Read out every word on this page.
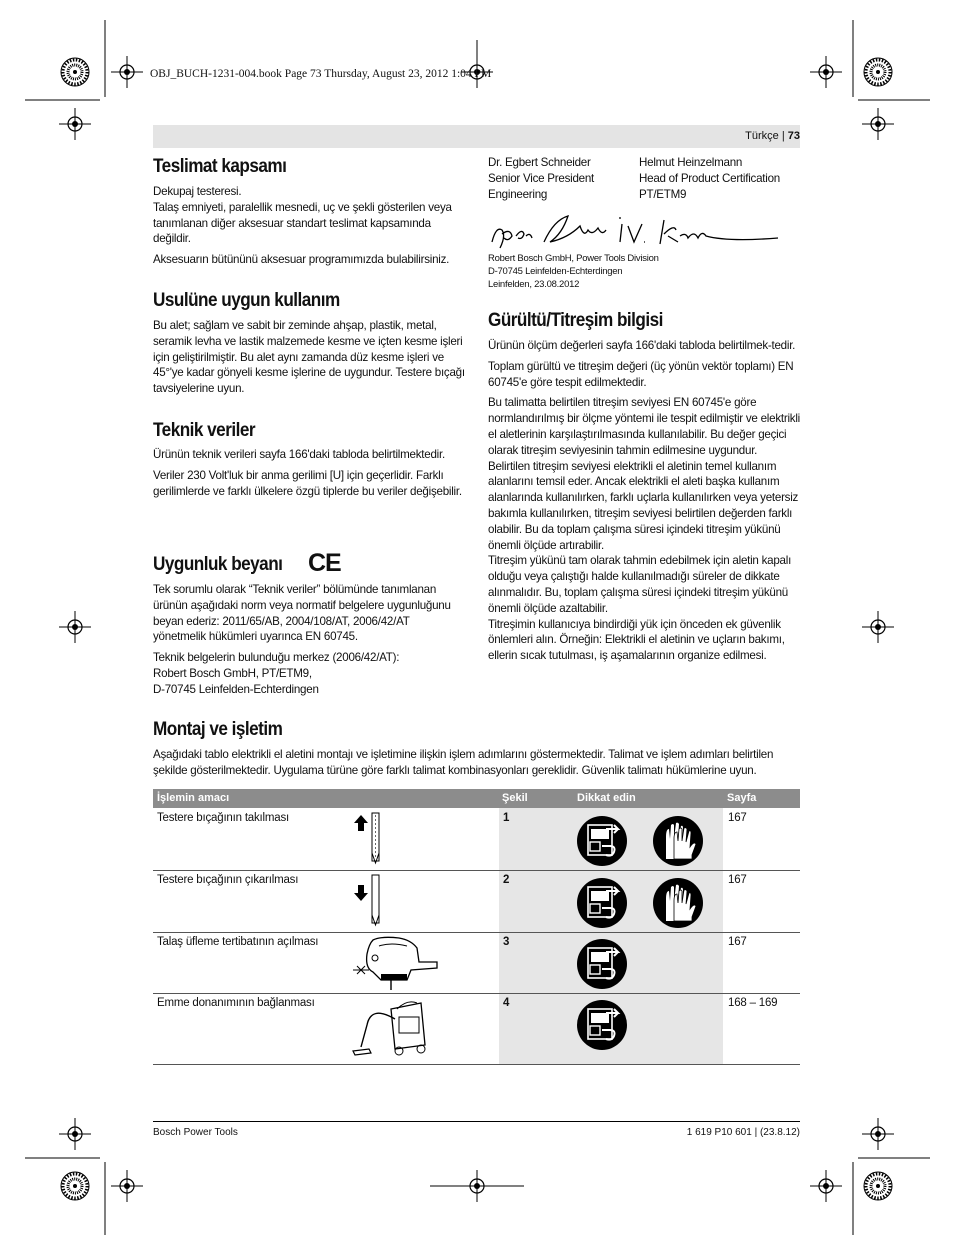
OBJ_BUCH-1231-004.book Page 73 Thursday, August 23, 2012 1:04 PM
Türkçe | 73
Teslimat kapsamı

Dekupaj testeresi.
Talaş emniyeti, paralellik mesnedi, uç ve şekli gösterilen veya tanımlanan diğer aksesuar standart teslimat kapsamında değildir.

Aksesuarın bütününü aksesuar programımızda bulabilirsiniz.

Usulüne uygun kullanım

Bu alet; sağlam ve sabit bir zeminde ahşap, plastik, metal, seramik levha ve lastik malzemede kesme ve içten kesme işleri için geliştirilmiştir. Bu alet aynı zamanda düz kesme işleri ve 45°'ye kadar gönyeli kesme işlerine de uygundur. Testere bıçağı tavsiyelerine uyun.

Teknik veriler

Ürünün teknik verileri sayfa 166'daki tabloda belirtilmektedir.

Veriler 230 Volt'luk bir anma gerilimi [U] için geçerlidir. Farklı gerilimlerde ve farklı ülkelere özgü tiplerde bu veriler değişebilir.

Uygunluk beyanı CE

Tek sorumlu olarak “Teknik veriler” bölümünde tanımlanan ürünün aşağıdaki norm veya normatif belgelere uygunluğunu beyan ederiz: 2011/65/AB, 2004/108/AT, 2006/42/AT yönetmelik hükümleri uyarınca EN 60745.

Teknik belgelerin bulunduğu merkez (2006/42/AT):
Robert Bosch GmbH, PT/ETM9,
D-70745 Leinfelden-Echterdingen

Dr. Egbert Schneider
Senior Vice President
Engineering
Helmut Heinzelmann
Head of Product Certification
PT/ETM9
Robert Bosch GmbH, Power Tools Division
D-70745 Leinfelden-Echterdingen
Leinfelden, 23.08.2012
Gürültü/Titreşim bilgisi

Ürünün ölçüm değerleri sayfa 166'daki tabloda belirtilmek-tedir.

Toplam gürültü ve titreşim değeri (üç yönün vektör toplamı) EN 60745'e göre tespit edilmektedir.

Bu talimatta belirtilen titreşim seviyesi EN 60745'e göre normlandırılmış bir ölçme yöntemi ile tespit edilmiştir ve elektrikli el aletlerinin karşılaştırılmasında kullanılabilir. Bu değer geçici olarak titreşim seviyesinin tahmin edilmesine uygundur.
Belirtilen titreşim seviyesi elektrikli el aletinin temel kullanım alanlarını temsil eder. Ancak elektrikli el aleti başka kullanım alanlarında kullanılırken, farklı uçlarla kullanılırken veya yetersiz bakımla kullanılırken, titreşim seviyesi belirtilen değerden farklı olabilir. Bu da toplam çalışma süresi içindeki titreşim yükünü önemli ölçüde artırabilir.
Titreşim yükünü tam olarak tahmin edebilmek için aletin kapalı olduğu veya çalıştığı halde kullanılmadığı süreler de dikkate alınmalıdır. Bu, toplam çalışma süresi içindeki titreşim yükünü önemli ölçüde azaltabilir.
Titreşimin kullanıcıya bindirdiği yük için önceden ek güvenlik önlemleri alın. Örneğin: Elektrikli el aletinin ve uçların bakımı, ellerin sıcak tutulması, iş aşamalarının organize edilmesi.

Montaj ve işletim
Aşağıdaki tablo elektrikli el aletini montajı ve işletimine ilişkin işlem adımlarını göstermektedir. Talimat ve işlem adımları belirtilen şekilde gösterilmektedir. Uygulama türüne göre farklı talimat kombinasyonları gereklidir. Güvenlik talimatı hükümlerine uyun.
İşlemin amacı	Şekil	Dikkat edin	Sayfa
Testere bıçağının takılması	1	167
Testere bıçağının çıkarılması	2	167
Talaş üfleme tertibatının açılması	3	167
Emme donanımının bağlanması	4	168 – 169
Bosch Power Tools	1 619 P10 601 | (23.8.12)
